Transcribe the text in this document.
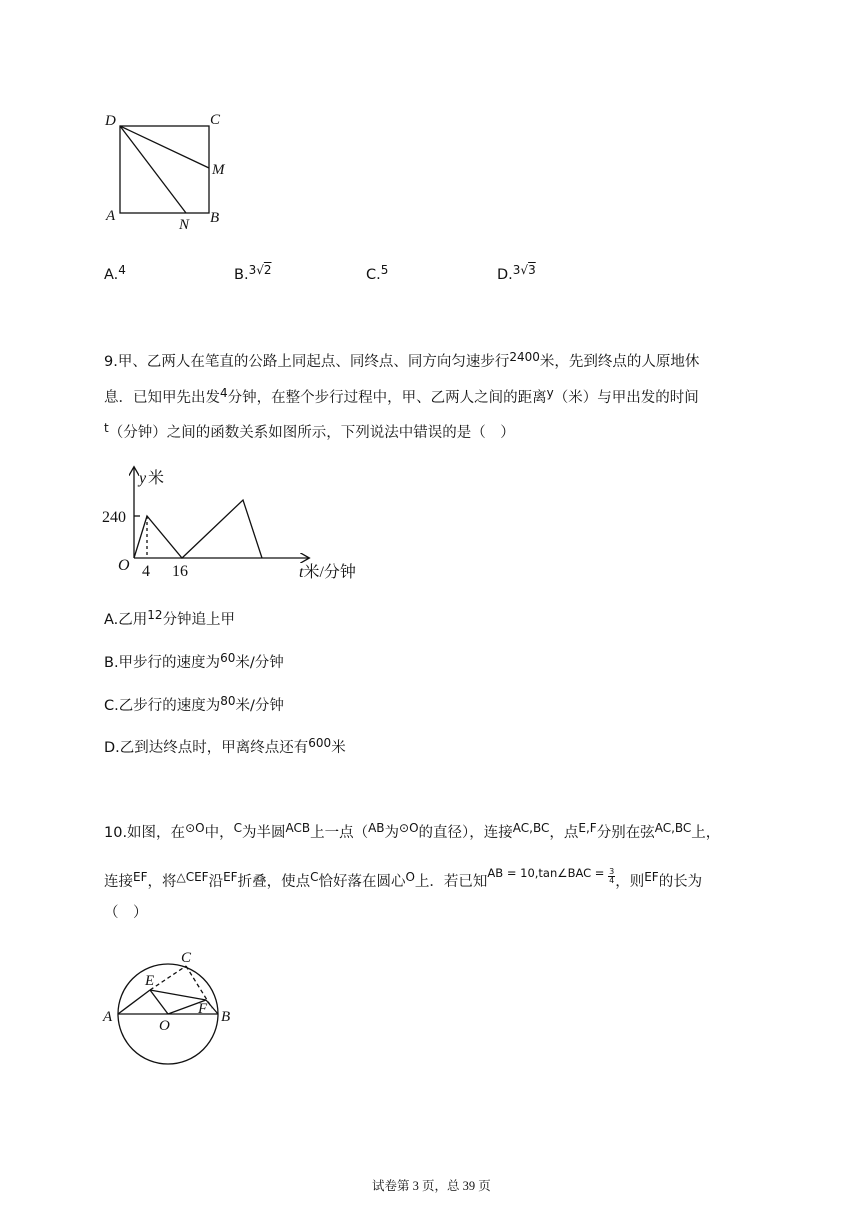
D	C
M
A
N B
A.$^4$	B.$^{3√2}$	C.$^5$	D.$^{3√3}$
9.甲、乙两人在笔直的公路上同起点、同终点、同方向匀速步行$^{2400}$米，先到终点的人原地休
息．已知甲先出发$^4$分钟，在整个步行过程中，甲、乙两人之间的距离$^y$（米）与甲出发的时间
$^t$（分钟）之间的函数关系如图所示，下列说法中错误的是（　）
y 米
240
O 4 16	t米/分钟
A.乙用$^{12}$分钟追上甲
B.甲步行的速度为$^{60}$米/分钟
C.乙步行的速度为$^{80}$米/分钟
D.乙到达终点时，甲离终点还有$^{600}$米
10.如图，在$^{⊙O}$中，$^C$为半圆$^{ACB}$上一点（$^{AB}$为$^{⊙O}$的直径），连接$^{AC,BC}$，点$^{E,F}$分别在弦$^{AC,BC}$上，
连接$^{EF}$，将$^{\triangle CEF}$沿$^{EF}$折叠，使点$^C$恰好落在圆心$^O$上．若已知$^{AB = 10,tan\angle BAC =} \frac{3}{4}$ ，则$^{EF}$的长为
（　）
A	B
C
E
F
O
试卷第 3 页，总 39 页
